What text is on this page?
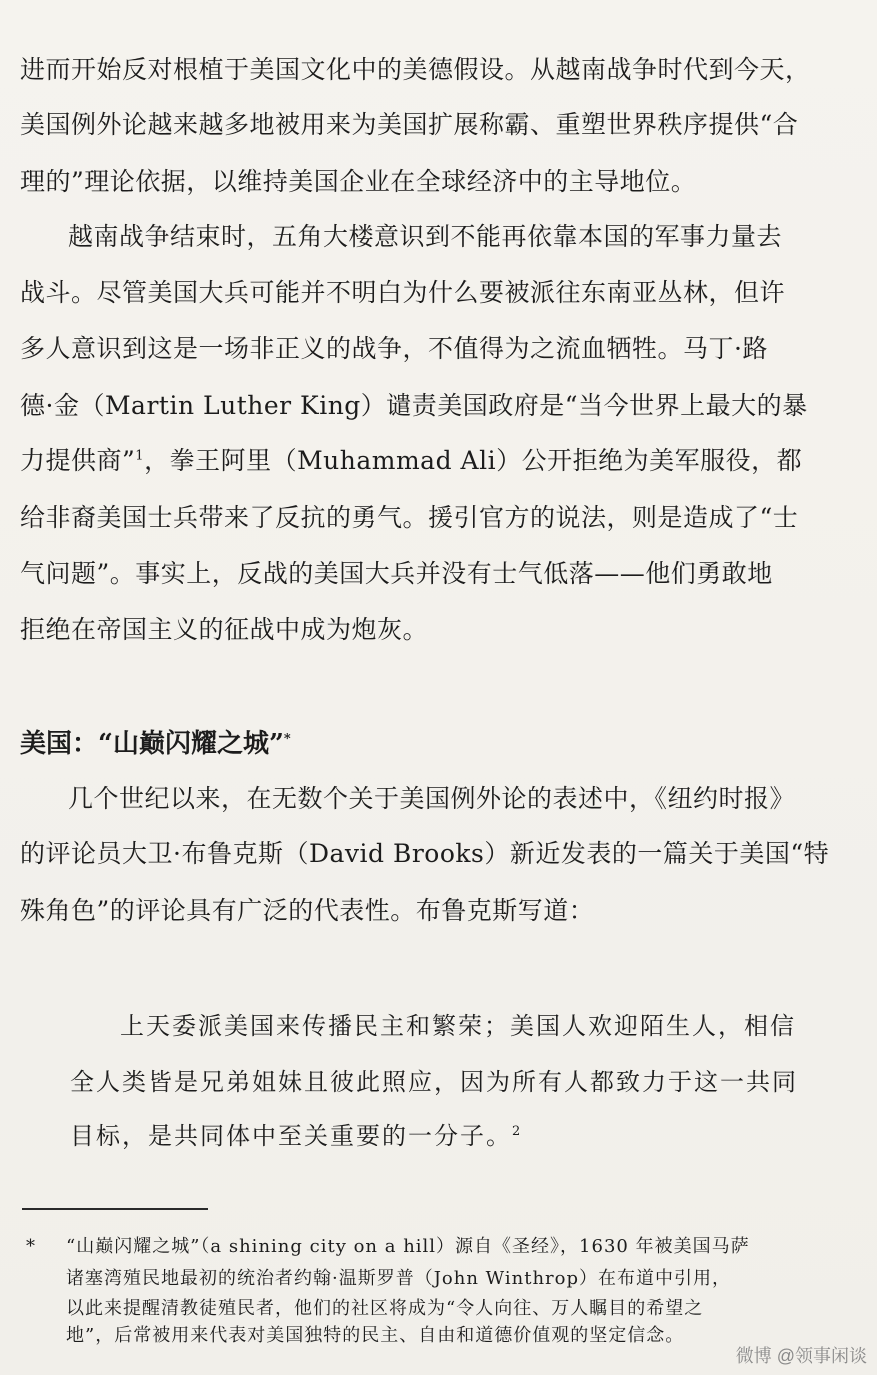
进而开始反对根植于美国文化中的美德假设。从越南战争时代到今天，
美国例外论越来越多地被用来为美国扩展称霸、重塑世界秩序提供“合
理的”理论依据，以维持美国企业在全球经济中的主导地位。
越南战争结束时，五角大楼意识到不能再依靠本国的军事力量去
战斗。尽管美国大兵可能并不明白为什么要被派往东南亚丛林，但许
多人意识到这是一场非正义的战争，不值得为之流血牺牲。马丁·路
德·金（Martin Luther King）谴责美国政府是“当今世界上最大的暴
力提供商”$^1$，拳王阿里（Muhammad Ali）公开拒绝为美军服役，都
给非裔美国士兵带来了反抗的勇气。援引官方的说法，则是造成了“士
气问题”。事实上，反战的美国大兵并没有士气低落——他们勇敢地
拒绝在帝国主义的征战中成为炮灰。
美国：“山巅闪耀之城”*
几个世纪以来，在无数个关于美国例外论的表述中，《纽约时报》
的评论员大卫·布鲁克斯（David Brooks）新近发表的一篇关于美国“特
殊角色”的评论具有广泛的代表性。布鲁克斯写道：
上天委派美国来传播民主和繁荣；美国人欢迎陌生人，相信
全人类皆是兄弟姐妹且彼此照应，因为所有人都致力于这一共同
目标，是共同体中至关重要的一分子。$^2$
* “山巅闪耀之城”（a shining city on a hill）源自《圣经》，1630 年被美国马萨
诸塞湾殖民地最初的统治者约翰·温斯罗普（John Winthrop）在布道中引用，
以此来提醒清教徒殖民者，他们的社区将成为“令人向往、万人瞩目的希望之
地”，后常被用来代表对美国独特的民主、自由和道德价值观的坚定信念。
微博 @领事闲谈
